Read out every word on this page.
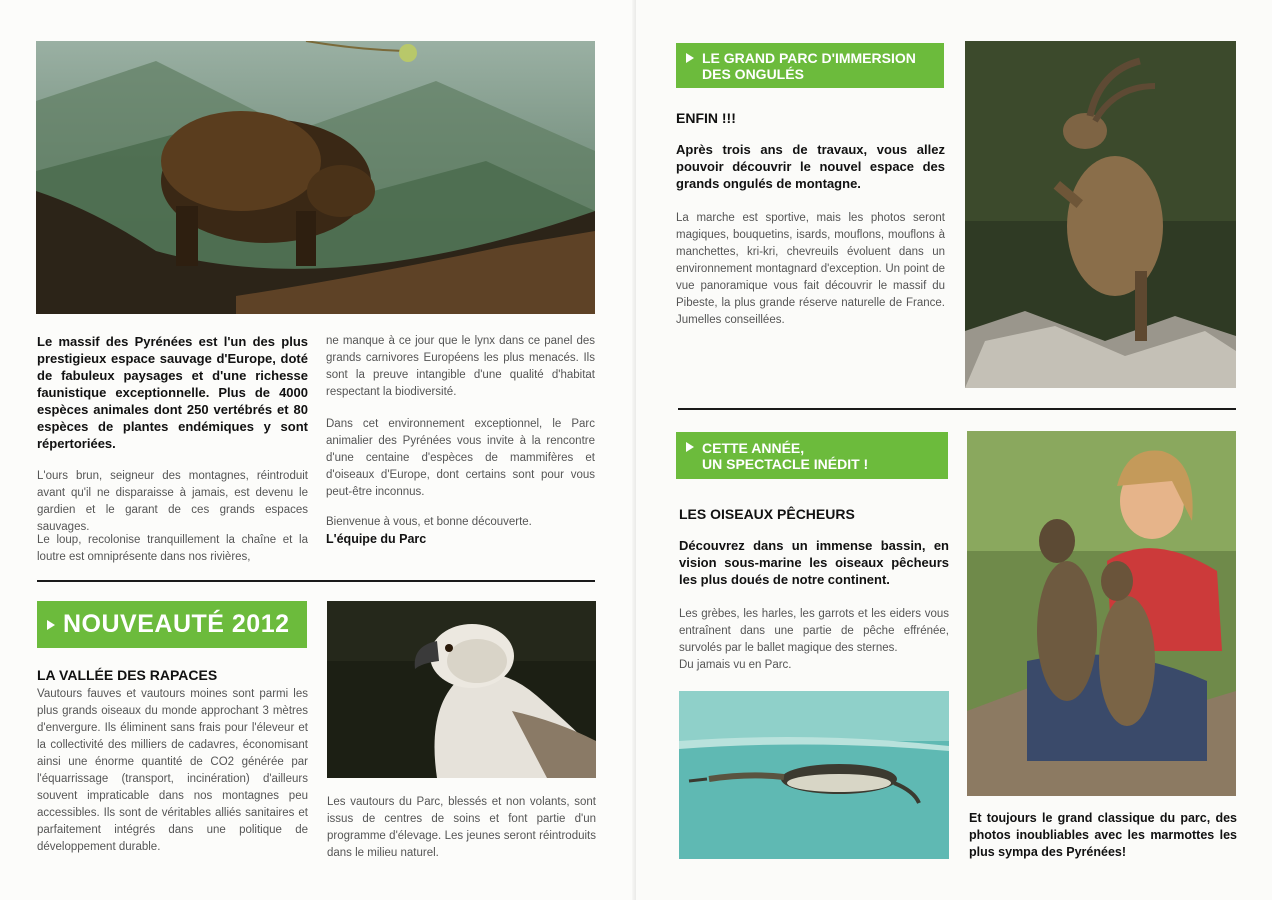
Le massif des Pyrénées est l'un des plus prestigieux espace sauvage d'Europe, doté de fabuleux paysages et d'une richesse faunistique exceptionnelle. Plus de 4000 espèces animales dont 250 vertébrés et 80 espèces de plantes endémiques y sont répertoriées.

L'ours brun, seigneur des montagnes, réintroduit avant qu'il ne disparaisse à jamais, est devenu le gardien et le garant de ces grands espaces sauvages.

Le loup, recolonise tranquillement la chaîne et la loutre est omniprésente dans nos rivières,

ne manque à ce jour que le lynx dans ce panel des grands carnivores Européens les plus menacés. Ils sont la preuve intangible d'une qualité d'habitat respectant la biodiversité.

Dans cet environnement exceptionnel, le Parc animalier des Pyrénées vous invite à la rencontre d'une centaine d'espèces de mammifères et d'oiseaux d'Europe, dont certains sont pour vous peut-être inconnus.

Bienvenue à vous, et bonne découverte.

L'équipe du Parc

NOUVEAUTÉ 2012
LA VALLÉE DES RAPACES

Vautours fauves et vautours moines sont parmi les plus grands oiseaux du monde approchant 3 mètres d'envergure. Ils éliminent sans frais pour l'éleveur et la collectivité des milliers de cadavres, économisant ainsi une énorme quantité de CO2 générée par l'équarrissage (transport, incinération) d'ailleurs souvent impraticable dans nos montagnes peu accessibles. Ils sont de véritables alliés sanitaires et parfaitement intégrés dans une politique de développement durable.

Les vautours du Parc, blessés et non volants, sont issus de centres de soins et font partie d'un programme d'élevage. Les jeunes seront réintroduits dans le milieu naturel.

LE GRAND PARC D'IMMERSION
DES ONGULÉS
ENFIN !!!

Après trois ans de travaux, vous allez pouvoir découvrir le nouvel espace des grands ongulés de montagne.

La marche est sportive, mais les photos seront magiques, bouquetins, isards, mouflons, mouflons à manchettes, kri-kri, chevreuils évoluent dans un environnement montagnard d'exception. Un point de vue panoramique vous fait découvrir le massif du Pibeste, la plus grande réserve naturelle de France. Jumelles conseillées.

CETTE ANNÉE,
UN SPECTACLE INÉDIT !
LES OISEAUX PÊCHEURS

Découvrez dans un immense bassin, en vision sous-marine les oiseaux pêcheurs les plus doués de notre continent.

Les grèbes, les harles, les garrots et les eiders vous entraînent dans une partie de pêche effrénée, survolés par le ballet magique des sternes.

Du jamais vu en Parc.

Et toujours le grand classique du parc, des photos inoubliables avec les marmottes les plus sympa des Pyrénées!
